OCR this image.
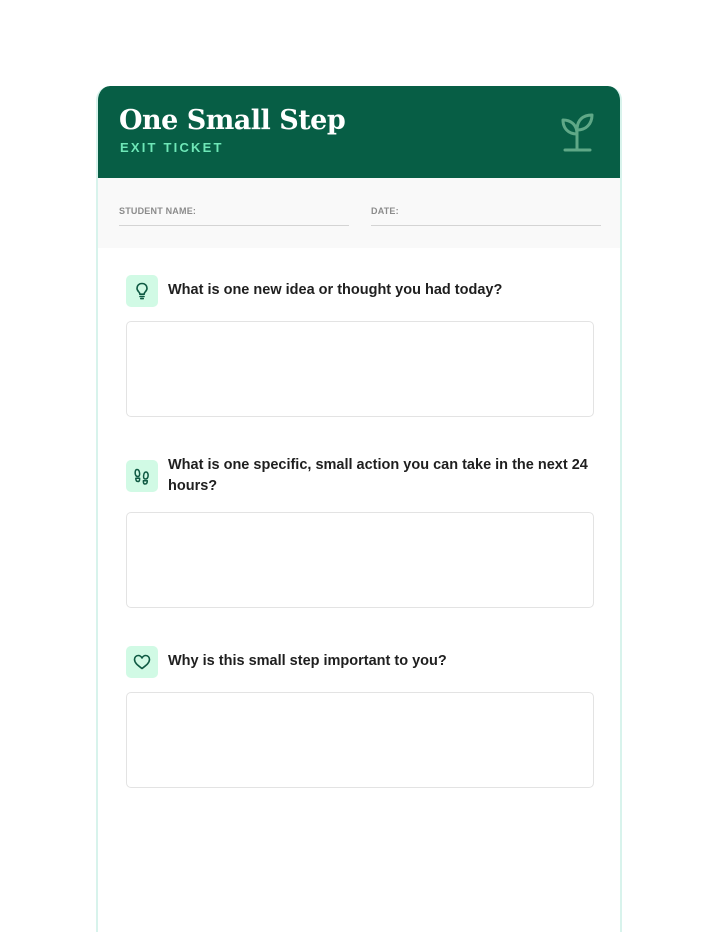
One Small Step
EXIT TICKET
STUDENT NAME:	DATE:
What is one new idea or thought you had today?
What is one specific, small action you can take in the next 24 hours?
Why is this small step important to you?
